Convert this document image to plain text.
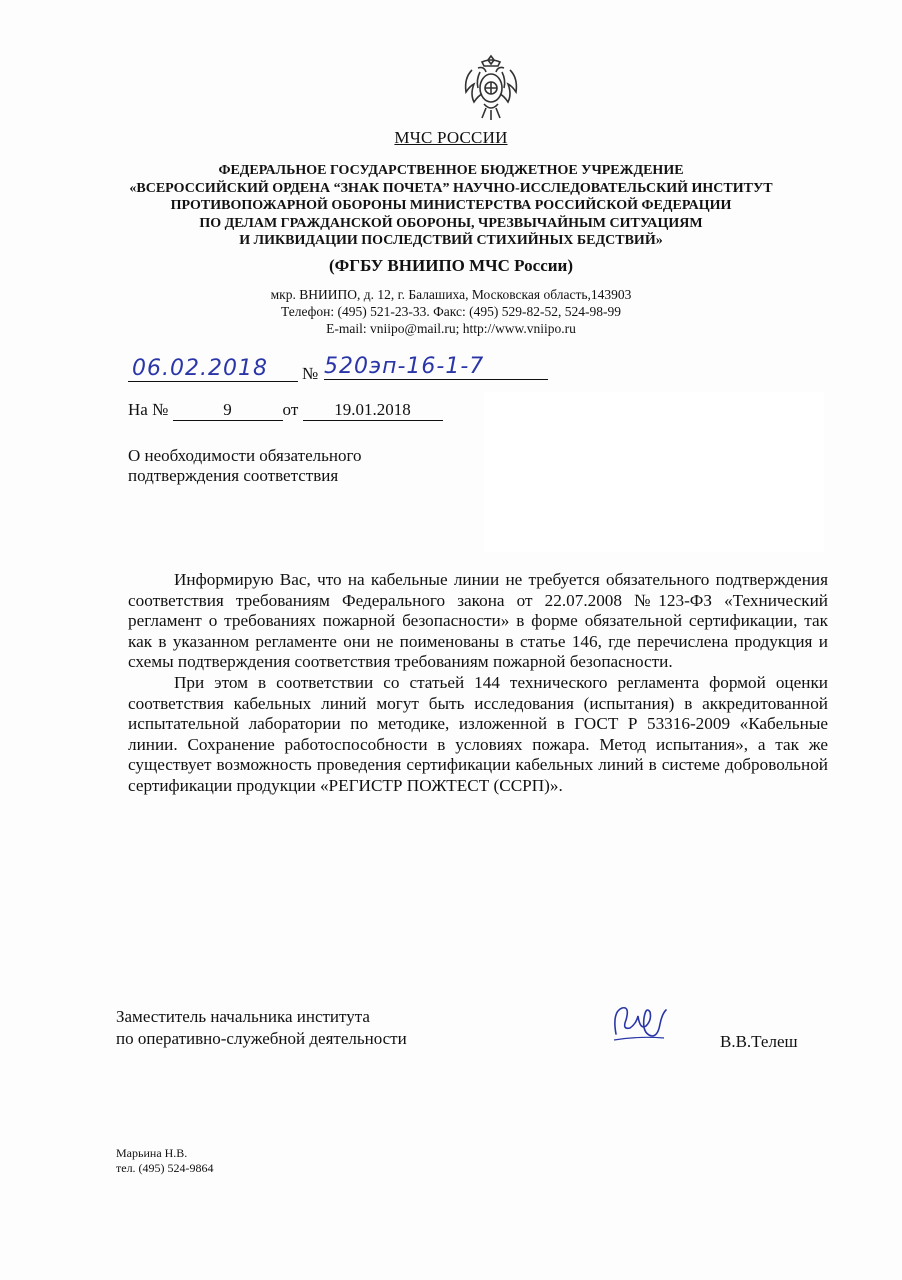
МЧС РОССИИ
ФЕДЕРАЛЬНОЕ ГОСУДАРСТВЕННОЕ БЮДЖЕТНОЕ УЧРЕЖДЕНИЕ
«ВСЕРОССИЙСКИЙ ОРДЕНА “ЗНАК ПОЧЕТА” НАУЧНО-ИССЛЕДОВАТЕЛЬСКИЙ ИНСТИТУТ
ПРОТИВОПОЖАРНОЙ ОБОРОНЫ МИНИСТЕРСТВА РОССИЙСКОЙ ФЕДЕРАЦИИ
ПО ДЕЛАМ ГРАЖДАНСКОЙ ОБОРОНЫ, ЧРЕЗВЫЧАЙНЫМ СИТУАЦИЯМ
И ЛИКВИДАЦИИ ПОСЛЕДСТВИЙ СТИХИЙНЫХ БЕДСТВИЙ»
(ФГБУ ВНИИПО МЧС России)
мкр. ВНИИПО, д. 12, г. Балашиха, Московская область,143903
Телефон: (495) 521-23-33. Факс: (495) 529-82-52, 524-98-99
E-mail: vniipo@mail.ru; http://www.vniipo.ru
06.02.2018	№ 520эп-16-1-7
На №	9	от 19.01.2018
О необходимости обязательного
подтверждения соответствия

Информирую Вас, что на кабельные линии не требуется обязательного подтверждения соответствия требованиям Федерального закона от 22.07.2008 №123-ФЗ «Технический регламент о требованиях пожарной безопасности» в форме обязательной сертификации, так как в указанном регламенте они не поименованы в статье 146, где перечислена продукция и схемы подтверждения соответствия требованиям пожарной безопасности.

При этом в соответствии со статьей 144 технического регламента формой оценки соответствия кабельных линий могут быть исследования (испытания) в аккредитованной испытательной лаборатории по методике, изложенной в ГОСТ Р 53316-2009 «Кабельные линии. Сохранение работоспособности в условиях пожара. Метод испытания», а так же существует возможность проведения сертификации кабельных линий в системе добровольной сертификации продукции «РЕГИСТР ПОЖТЕСТ (ССРП)».

Заместитель начальника института
по оперативно-служебной деятельности	В.В.Телеш
Марьина Н.В.
тел. (495) 524-9864
